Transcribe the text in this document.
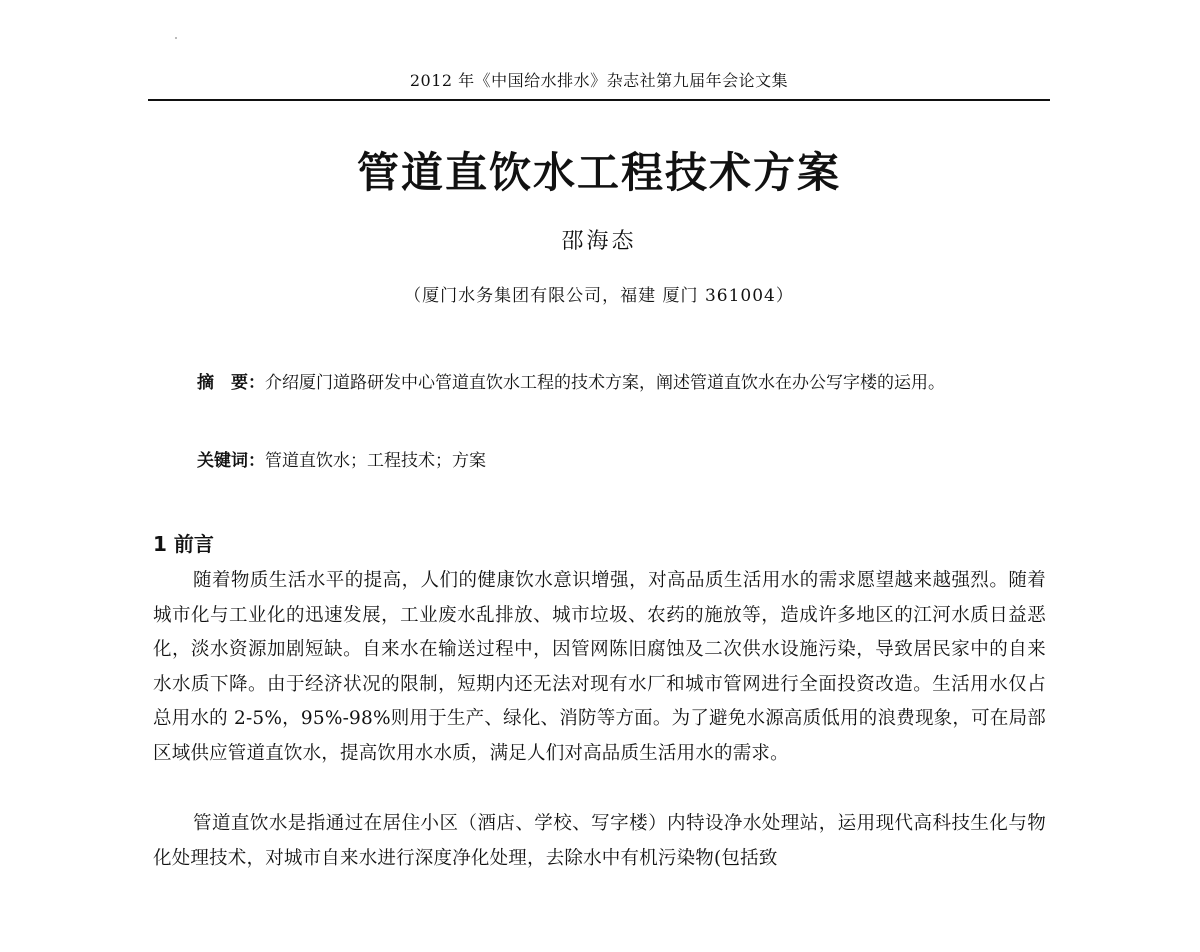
2012 年《中国给水排水》杂志社第九届年会论文集
管道直饮水工程技术方案
邵海态
（厦门水务集团有限公司，福建 厦门 361004）
摘　要：介绍厦门道路研发中心管道直饮水工程的技术方案，阐述管道直饮水在办公写字楼的运用。
关键词：管道直饮水；工程技术；方案
1 前言
随着物质生活水平的提高，人们的健康饮水意识增强，对高品质生活用水的需求愿望越来越强烈。随着城市化与工业化的迅速发展，工业废水乱排放、城市垃圾、农药的施放等，造成许多地区的江河水质日益恶化，淡水资源加剧短缺。自来水在输送过程中，因管网陈旧腐蚀及二次供水设施污染，导致居民家中的自来水水质下降。由于经济状况的限制，短期内还无法对现有水厂和城市管网进行全面投资改造。生活用水仅占总用水的 2-5%，95%-98%则用于生产、绿化、消防等方面。为了避免水源高质低用的浪费现象，可在局部区域供应管道直饮水，提高饮用水水质，满足人们对高品质生活用水的需求。
管道直饮水是指通过在居住小区（酒店、学校、写字楼）内特设净水处理站，运用现代高科技生化与物化处理技术，对城市自来水进行深度净化处理，去除水中有机污染物(包括致
